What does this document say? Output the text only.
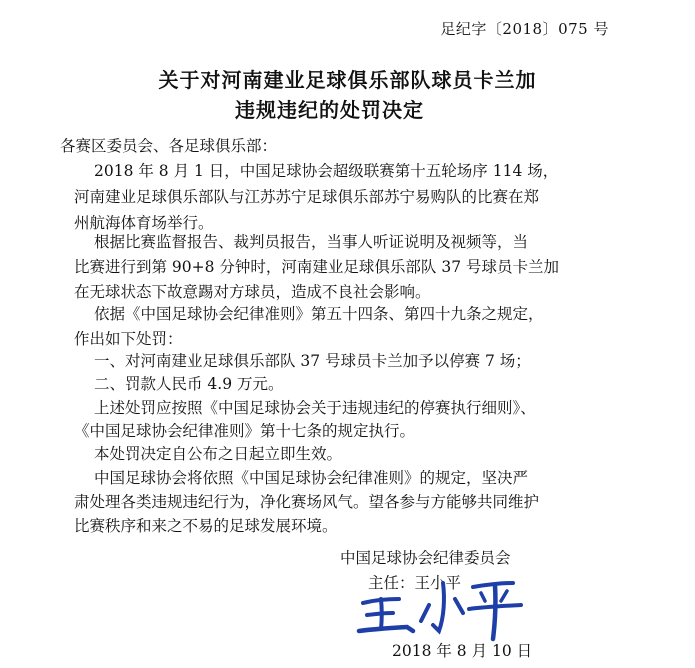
足纪字〔2018〕075 号
关于对河南建业足球俱乐部队球员卡兰加
违规违纪的处罚决定
各赛区委员会、各足球俱乐部：
2018 年 8 月 1 日，中国足球协会超级联赛第十五轮场序 114 场，
河南建业足球俱乐部队与江苏苏宁足球俱乐部苏宁易购队的比赛在郑
州航海体育场举行。
根据比赛监督报告、裁判员报告，当事人听证说明及视频等，当
比赛进行到第 90+8 分钟时，河南建业足球俱乐部队 37 号球员卡兰加
在无球状态下故意踢对方球员，造成不良社会影响。
依据《中国足球协会纪律准则》第五十四条、第四十九条之规定，
作出如下处罚：
一、对河南建业足球俱乐部队 37 号球员卡兰加予以停赛 7 场；
二、罚款人民币 4.9 万元。
上述处罚应按照《中国足球协会关于违规违纪的停赛执行细则》、
《中国足球协会纪律准则》第十七条的规定执行。
本处罚决定自公布之日起立即生效。
中国足球协会将依照《中国足球协会纪律准则》的规定，坚决严
肃处理各类违规违纪行为，净化赛场风气。望各参与方能够共同维护
比赛秩序和来之不易的足球发展环境。
中国足球协会纪律委员会
主任：王小平
2018 年 8 月 10 日
